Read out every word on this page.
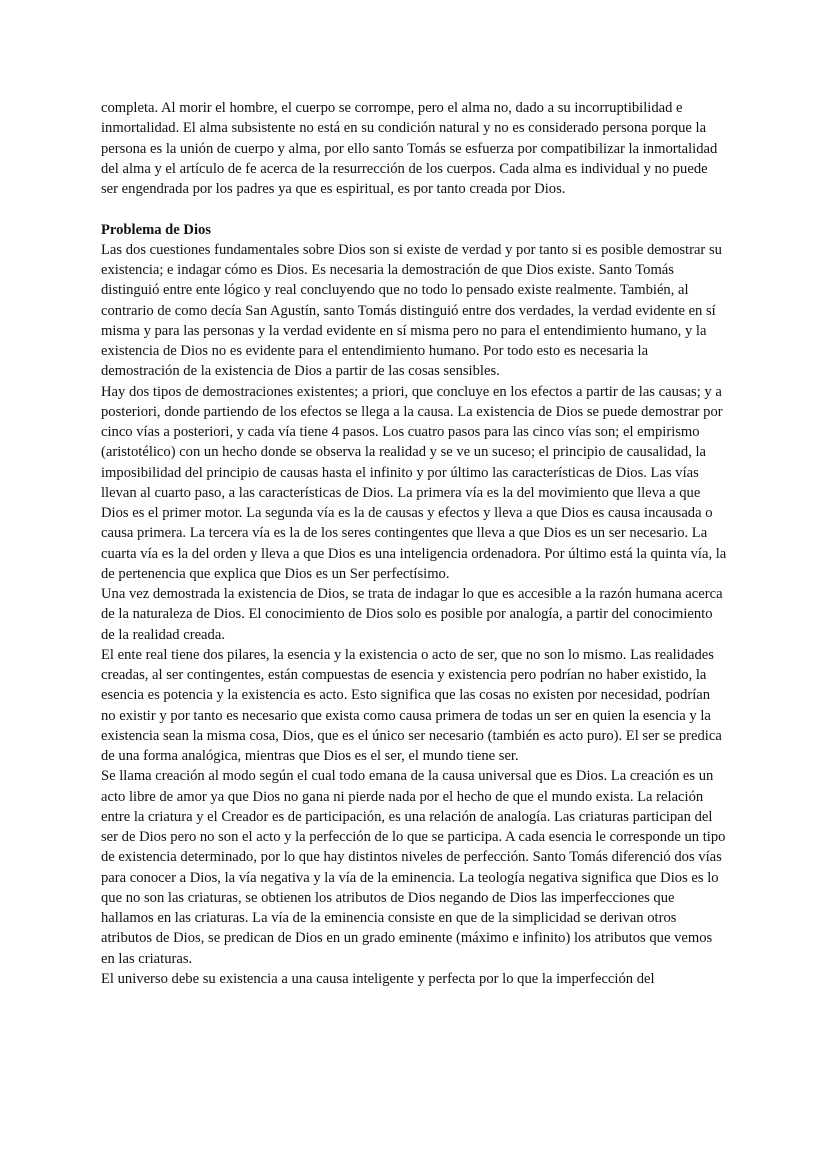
completa. Al morir el hombre, el cuerpo se corrompe, pero el alma no, dado a su incorruptibilidad e inmortalidad. El alma subsistente no está en su condición natural y no es considerado persona porque la persona es la unión de cuerpo y alma, por ello santo Tomás se esfuerza por compatibilizar la inmortalidad del alma y el artículo de fe acerca de la resurrección de los cuerpos. Cada alma es individual y no puede ser engendrada por los padres ya que es espiritual, es por tanto creada por Dios.

Problema de Dios

Las dos cuestiones fundamentales sobre Dios son si existe de verdad y por tanto si es posible demostrar su existencia; e indagar cómo es Dios. Es necesaria la demostración de que Dios existe. Santo Tomás distinguió entre ente lógico y real concluyendo que no todo lo pensado existe realmente. También, al contrario de como decía San Agustín, santo Tomás distinguió entre dos verdades, la verdad evidente en sí misma y para las personas y la verdad evidente en sí misma pero no para el entendimiento humano, y la existencia de Dios no es evidente para el entendimiento humano. Por todo esto es necesaria la demostración de la existencia de Dios a partir de las cosas sensibles.

Hay dos tipos de demostraciones existentes; a priori, que concluye en los efectos a partir de las causas; y a posteriori, donde partiendo de los efectos se llega a la causa. La existencia de Dios se puede demostrar por cinco vías a posteriori, y cada vía tiene 4 pasos. Los cuatro pasos para las cinco vías son; el empirismo (aristotélico) con un hecho donde se observa la realidad y se ve un suceso; el principio de causalidad, la imposibilidad del principio de causas hasta el infinito y por último las características de Dios. Las vías llevan al cuarto paso, a las características de Dios. La primera vía es la del movimiento que lleva a que Dios es el primer motor. La segunda vía es la de causas y efectos y lleva a que Dios es causa incausada o causa primera. La tercera vía es la de los seres contingentes que lleva a que Dios es un ser necesario. La cuarta vía es la del orden y lleva a que Dios es una inteligencia ordenadora. Por último está la quinta vía, la de pertenencia que explica que Dios es un Ser perfectísimo.

Una vez demostrada la existencia de Dios, se trata de indagar lo que es accesible a la razón humana acerca de la naturaleza de Dios. El conocimiento de Dios solo es posible por analogía, a partir del conocimiento de la realidad creada.

El ente real tiene dos pilares, la esencia y la existencia o acto de ser, que no son lo mismo. Las realidades creadas, al ser contingentes, están compuestas de esencia y existencia pero podrían no haber existido, la esencia es potencia y la existencia es acto. Esto significa que las cosas no existen por necesidad, podrían no existir y por tanto es necesario que exista como causa primera de todas un ser en quien la esencia y la existencia sean la misma cosa, Dios, que es el único ser necesario (también es acto puro). El ser se predica de una forma analógica, mientras que Dios es el ser, el mundo tiene ser.

Se llama creación al modo según el cual todo emana de la causa universal que es Dios. La creación es un acto libre de amor ya que Dios no gana ni pierde nada por el hecho de que el mundo exista. La relación entre la criatura y el Creador es de participación, es una relación de analogía. Las criaturas participan del ser de Dios pero no son el acto y la perfección de lo que se participa. A cada esencia le corresponde un tipo de existencia determinado, por lo que hay distintos niveles de perfección. Santo Tomás diferenció dos vías para conocer a Dios, la vía negativa y la vía de la eminencia. La teología negativa significa que Dios es lo que no son las criaturas, se obtienen los atributos de Dios negando de Dios las imperfecciones que hallamos en las criaturas. La vía de la eminencia consiste en que de la simplicidad se derivan otros atributos de Dios, se predican de Dios en un grado eminente (máximo e infinito) los atributos que vemos en las criaturas.

El universo debe su existencia a una causa inteligente y perfecta por lo que la imperfección del
